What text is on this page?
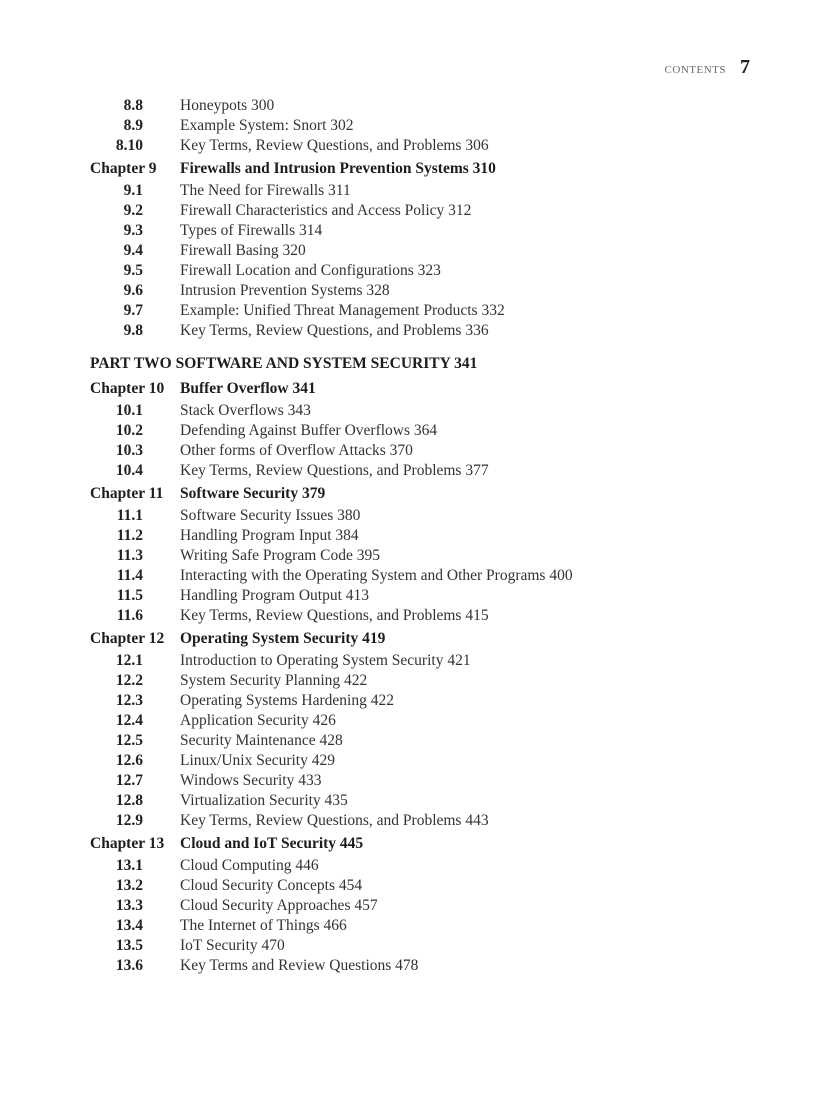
contents 7
8.8 Honeypots 300
8.9 Example System: Snort 302
8.10 Key Terms, Review Questions, and Problems 306
Chapter 9 Firewalls and Intrusion Prevention Systems 310
9.1 The Need for Firewalls 311
9.2 Firewall Characteristics and Access Policy 312
9.3 Types of Firewalls 314
9.4 Firewall Basing 320
9.5 Firewall Location and Configurations 323
9.6 Intrusion Prevention Systems 328
9.7 Example: Unified Threat Management Products 332
9.8 Key Terms, Review Questions, and Problems 336
PART TWO SOFTWARE AND SYSTEM SECURITY 341
Chapter 10 Buffer Overflow 341
10.1 Stack Overflows 343
10.2 Defending Against Buffer Overflows 364
10.3 Other forms of Overflow Attacks 370
10.4 Key Terms, Review Questions, and Problems 377
Chapter 11 Software Security 379
11.1 Software Security Issues 380
11.2 Handling Program Input 384
11.3 Writing Safe Program Code 395
11.4 Interacting with the Operating System and Other Programs 400
11.5 Handling Program Output 413
11.6 Key Terms, Review Questions, and Problems 415
Chapter 12 Operating System Security 419
12.1 Introduction to Operating System Security 421
12.2 System Security Planning 422
12.3 Operating Systems Hardening 422
12.4 Application Security 426
12.5 Security Maintenance 428
12.6 Linux/Unix Security 429
12.7 Windows Security 433
12.8 Virtualization Security 435
12.9 Key Terms, Review Questions, and Problems 443
Chapter 13 Cloud and IoT Security 445
13.1 Cloud Computing 446
13.2 Cloud Security Concepts 454
13.3 Cloud Security Approaches 457
13.4 The Internet of Things 466
13.5 IoT Security 470
13.6 Key Terms and Review Questions 478
